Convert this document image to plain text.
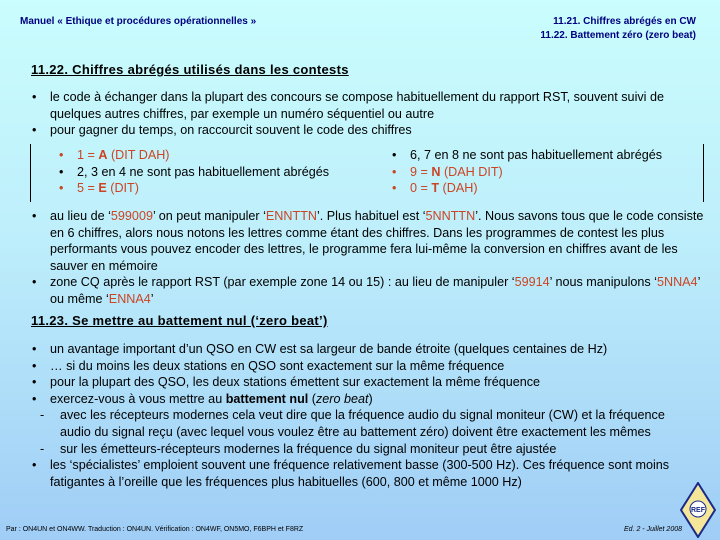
Manuel « Ethique et procédures opérationnelles »	11.21. Chiffres abrégés en CW
11.22. Battement zéro (zero beat)
11.22. Chiffres abrégés utilisés dans les contests
• le code à échanger dans la plupart des concours se compose habituellement du rapport RST, souvent suivi de quelques autres chiffres, par exemple un numéro séquentiel ou autre
• pour gagner du temps, on raccourcit souvent le code des chiffres
• 1 = A (DIT DAH)
• 2, 3 en 4 ne sont pas habituellement abrégés
• 5 = E (DIT)
• 6, 7 en 8 ne sont pas habituellement abrégés
• 9 = N (DAH DIT)
• 0 = T (DAH)
• au lieu de ‘599009’ on peut manipuler ‘ENNTTN’. Plus habituel est ‘5NNTTN’. Nous savons tous que le code consiste en 6 chiffres, alors nous notons les lettres comme étant des chiffres. Dans les programmes de contest les plus performants vous pouvez encoder des lettres, le programme fera lui-même la conversion en chiffres avant de les sauver en mémoire
• zone CQ après le rapport RST (par exemple zone 14 ou 15) : au lieu de manipuler ‘59914’ nous manipulons ‘5NNA4’ ou même ‘ENNA4’
11.23. Se mettre au battement nul (‘zero beat’)
• un avantage important d’un QSO en CW est sa largeur de bande étroite (quelques centaines de Hz)
• … si du moins les deux stations en QSO sont exactement sur la même fréquence
• pour la plupart des QSO, les deux stations émettent sur exactement la même fréquence
• exercez-vous à vous mettre au battement nul (zero beat)
- avec les récepteurs modernes cela veut dire que la fréquence audio du signal moniteur (CW) et la fréquence audio du signal reçu (avec lequel vous voulez être au battement zéro) doivent être exactement les mêmes
- sur les émetteurs-récepteurs modernes la fréquence du signal moniteur peut être ajustée
• les ‘spécialistes’ emploient souvent une fréquence relativement basse (300-500 Hz). Ces fréquence sont moins fatigantes à l’oreille que les fréquences plus habituelles (600, 800 et même 1000 Hz)
Par : ON4UN et ON4WW. Traduction : ON4UN. Vérification : ON4WF, ON5MO, F6BPH et F8RZ	Ed. 2 - Juillet 2008
REF
